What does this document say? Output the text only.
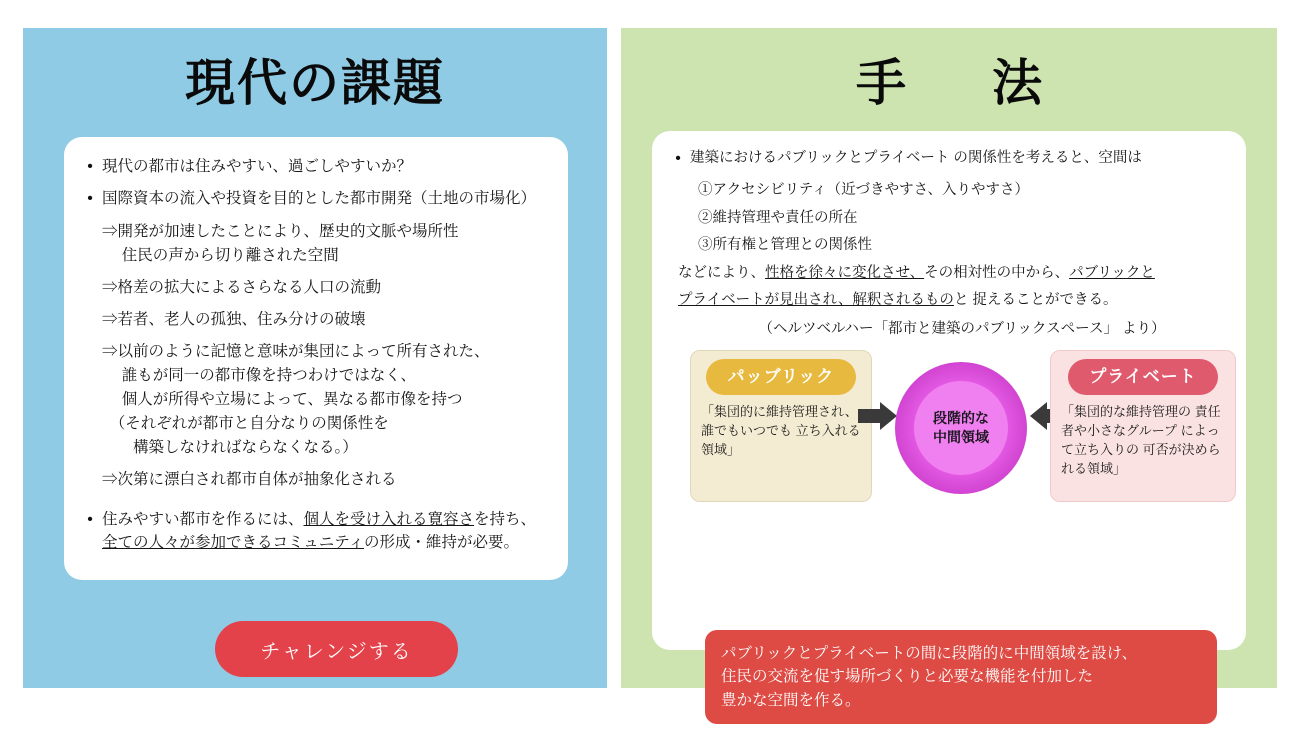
現代の課題
• 現代の都市は住みやすい、過ごしやすいか？
• 国際資本の流入や投資を目的とした都市開発（土地の市場化）
⇒開発が加速したことにより、歴史的文脈や場所性
　 住民の声から切り離された空間
⇒格差の拡大によるさらなる人口の流動
⇒若者、老人の孤独、住み分けの破壊
⇒以前のように記憶と意味が集団によって所有された、
　 誰もが同一の都市像を持つわけではなく、
　 個人が所得や立場によって、異なる都市像を持つ
　（それぞれが都市と自分なりの関係性を
　　構築しなければならなくなる。）
⇒次第に漂白され都市自体が抽象化される
• 住みやすい都市を作るには、個人を受け入れる寛容さを持ち、
全ての人々が参加できるコミュニティの形成・維持が必要。
チャレンジする
手　法
• 建築におけるパブリックとプライベート の関係性を考えると、空間は
①アクセシビリティ（近づきやすさ、入りやすさ）
②維持管理や責任の所在
③所有権と管理との関係性
などにより、性格を徐々に変化させ、その相対性の中から、パブリックと
プライベートが見出され、解釈されるものと 捉えることができる。
（ヘルツベルハー「都市と建築のパブリックスペース」 より）
パッブリック
「集団的に維持管理され、 誰でもいつでも 立ち入れる領域」
段階的な
中間領域
プライベート
「集団的な維持管理の 責任者や小さなグループ によって立ち入りの 可否が決められる領域」
パブリックとプライベートの間に段階的に中間領域を設け、
住民の交流を促す場所づくりと必要な機能を付加した
豊かな空間を作る。
